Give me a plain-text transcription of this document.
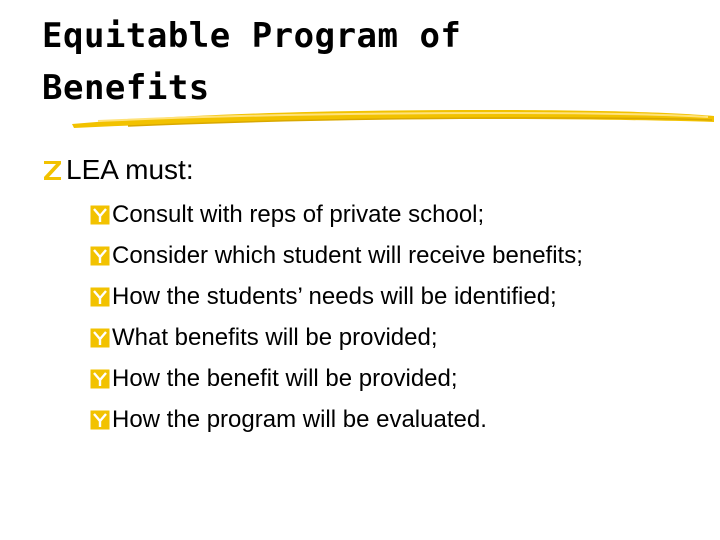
Equitable Program of
Benefits
LEA must:
Consult with reps of private school;
Consider which student will receive benefits;
How the students’ needs will be identified;
What benefits will be provided;
How the benefit will be provided;
How the program will be evaluated.
